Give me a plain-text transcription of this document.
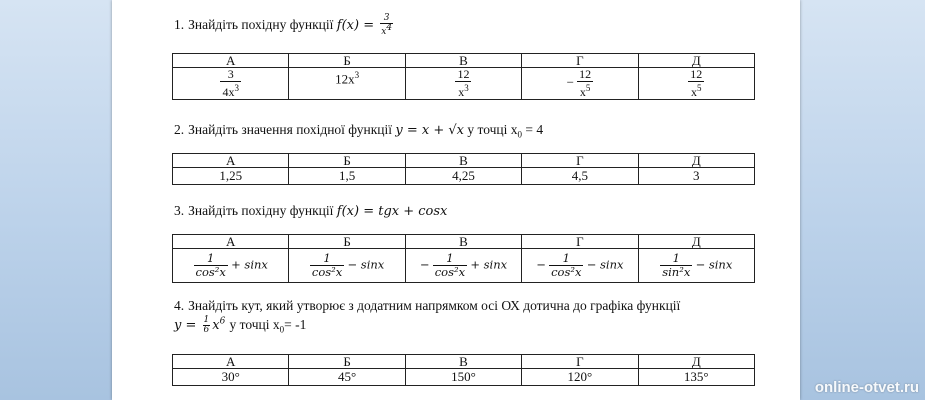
1. Знайдіть похідну функції $f(x) = \frac{3}{x^4}$
А	Б	В	Г	Д

$\frac{3}{4x^3}$	$12x^3$	$\frac{12}{x^3}$	− $\frac{12}{x^5}$	$\frac{12}{x^5}$
2. Знайдіть значення похідної функції y = x + √x у точці $x_0 = 4$
А	Б	В	Г	Д
1,25	1,5	4,25	4,5	3
3. Знайдіть похідну функції f(x) = tgx + cosx
А	Б	В	Г	Д

$\frac{1}{\text{cos²x}} + \sin x$	$\frac{1}{\text{cos²x}} - \sin x$	− $\frac{1}{\text{cos²x}} + \sin x$	− $\frac{1}{\text{cos²x}} - \sin x$	$\frac{1}{\text{sin²x}} - \sin x$
4. Знайдіть кут, який утворює з додатним напрямком осі ОХ дотична до графіка функції
$y = \frac{1}{6} x^6$ у точці $x_0= -1$
А	Б	В	Г	Д
30°	45°	150°	120°	135°
online-otvet.ru
